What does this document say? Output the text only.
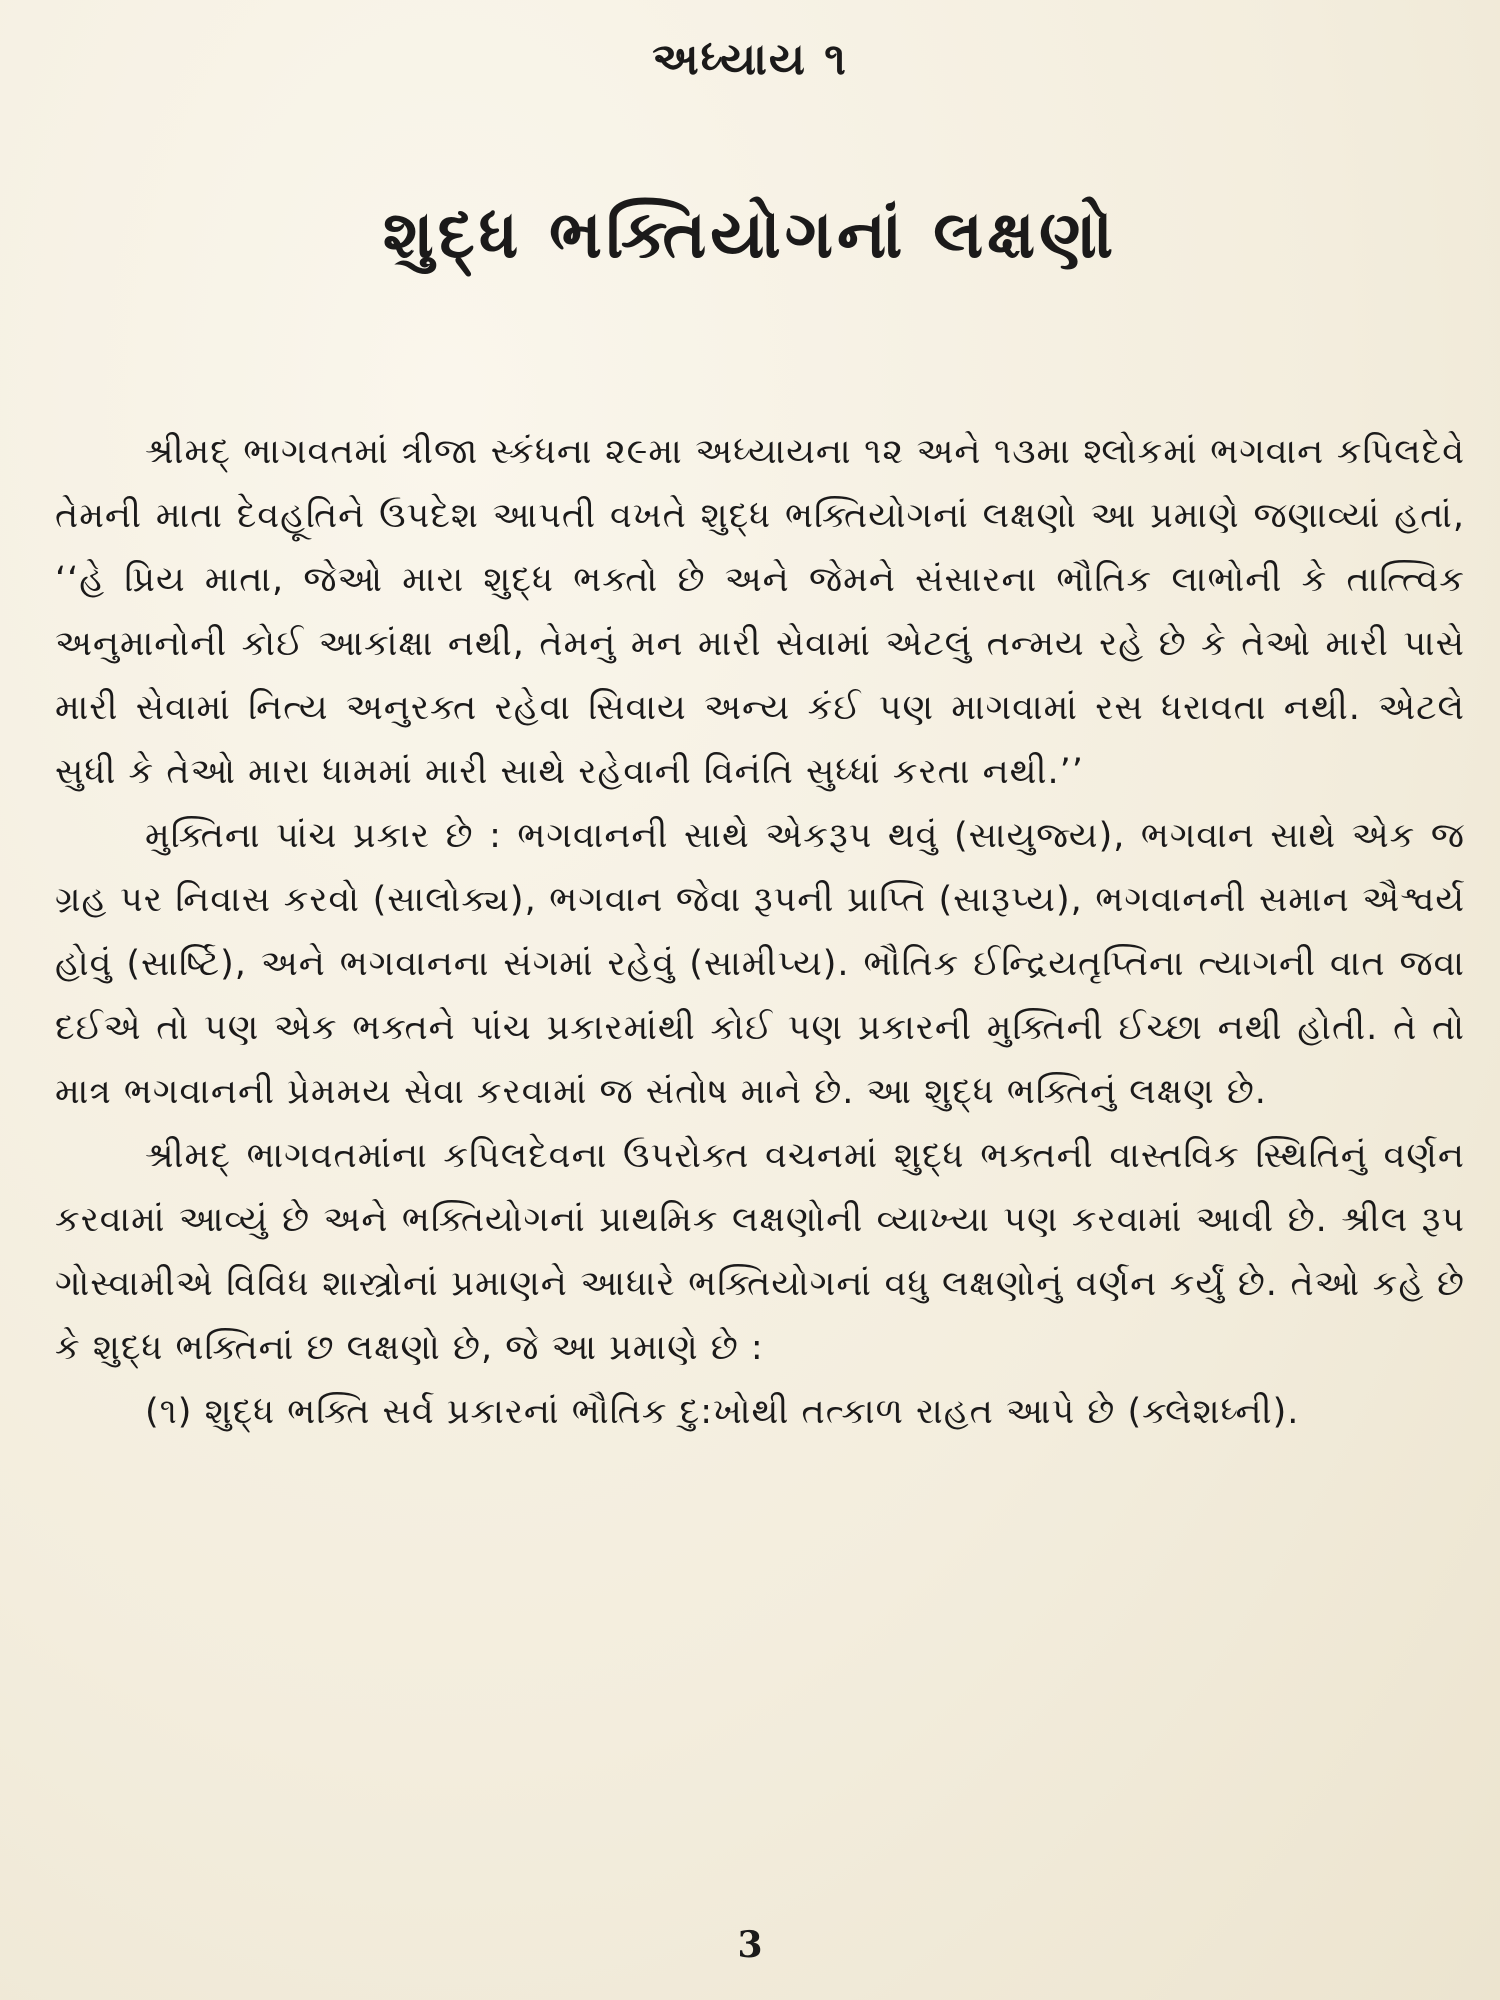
અધ્યાય ૧
શુદ્ધ ભક્તિયોગનાં લક્ષણો

શ્રીમદ્ ભાગવતમાં ત્રીજા સ્કંધના ૨૯મા અધ્યાયના ૧૨ અને ૧૩મા શ્લોકમાં ભગવાન કપિલદેવે તેમની માતા દેવહૂતિને ઉપદેશ આપતી વખતે શુદ્ધ ભક્તિયોગનાં લક્ષણો આ પ્રમાણે જણાવ્યાં હતાં, ‘‘હે પ્રિય માતા, જેઓ મારા શુદ્ધ ભક્તો છે અને જેમને સંસારના ભૌતિક લાભોની કે તાત્ત્વિક અનુમાનોની કોઈ આકાંક્ષા નથી, તેમનું મન મારી સેવામાં એટલું તન્મય રહે છે કે તેઓ મારી પાસે મારી સેવામાં નિત્ય અનુરક્ત રહેવા સિવાય અન્ય કંઈ પણ માગવામાં રસ ધરાવતા નથી. એટલે સુધી કે તેઓ મારા ધામમાં મારી સાથે રહેવાની વિનંતિ સુધ્ધાં કરતા નથી.’’

મુક્તિના પાંચ પ્રકાર છે : ભગવાનની સાથે એકરૂપ થવું (સાયુજ્ય), ભગવાન સાથે એક જ ગ્રહ પર નિવાસ કરવો (સાલોક્ય), ભગવાન જેવા રૂપની પ્રાપ્તિ (સારૂપ્ય), ભગવાનની સમાન ઐશ્વર્ય હોવું (સાર્ષ્ટિ), અને ભગવાનના સંગમાં રહેવું (સામીપ્ય). ભૌતિક ઈન્દ્રિયતૃપ્તિના ત્યાગની વાત જવા દઈએ તો પણ એક ભક્તને પાંચ પ્રકારમાંથી કોઈ પણ પ્રકારની મુક્તિની ઈચ્છા નથી હોતી. તે તો માત્ર ભગવાનની પ્રેમમય સેવા કરવામાં જ સંતોષ માને છે. આ શુદ્ધ ભક્તિનું લક્ષણ છે.

શ્રીમદ્ ભાગવતમાંના કપિલદેવના ઉપરોક્ત વચનમાં શુદ્ધ ભક્તની વાસ્તવિક સ્થિતિનું વર્ણન કરવામાં આવ્યું છે અને ભક્તિયોગનાં પ્રાથમિક લક્ષણોની વ્યાખ્યા પણ કરવામાં આવી છે. શ્રીલ રૂપ ગોસ્વામીએ વિવિધ શાસ્ત્રોનાં પ્રમાણને આધારે ભક્તિયોગનાં વધુ લક્ષણોનું વર્ણન કર્યું છે. તેઓ કહે છે કે શુદ્ધ ભક્તિનાં છ લક્ષણો છે, જે આ પ્રમાણે છે :

(૧) શુદ્ધ ભક્તિ સર્વ પ્રકારનાં ભૌતિક દુ:ખોથી તત્કાળ રાહત આપે છે (ક્લેશધ્ની).

3
